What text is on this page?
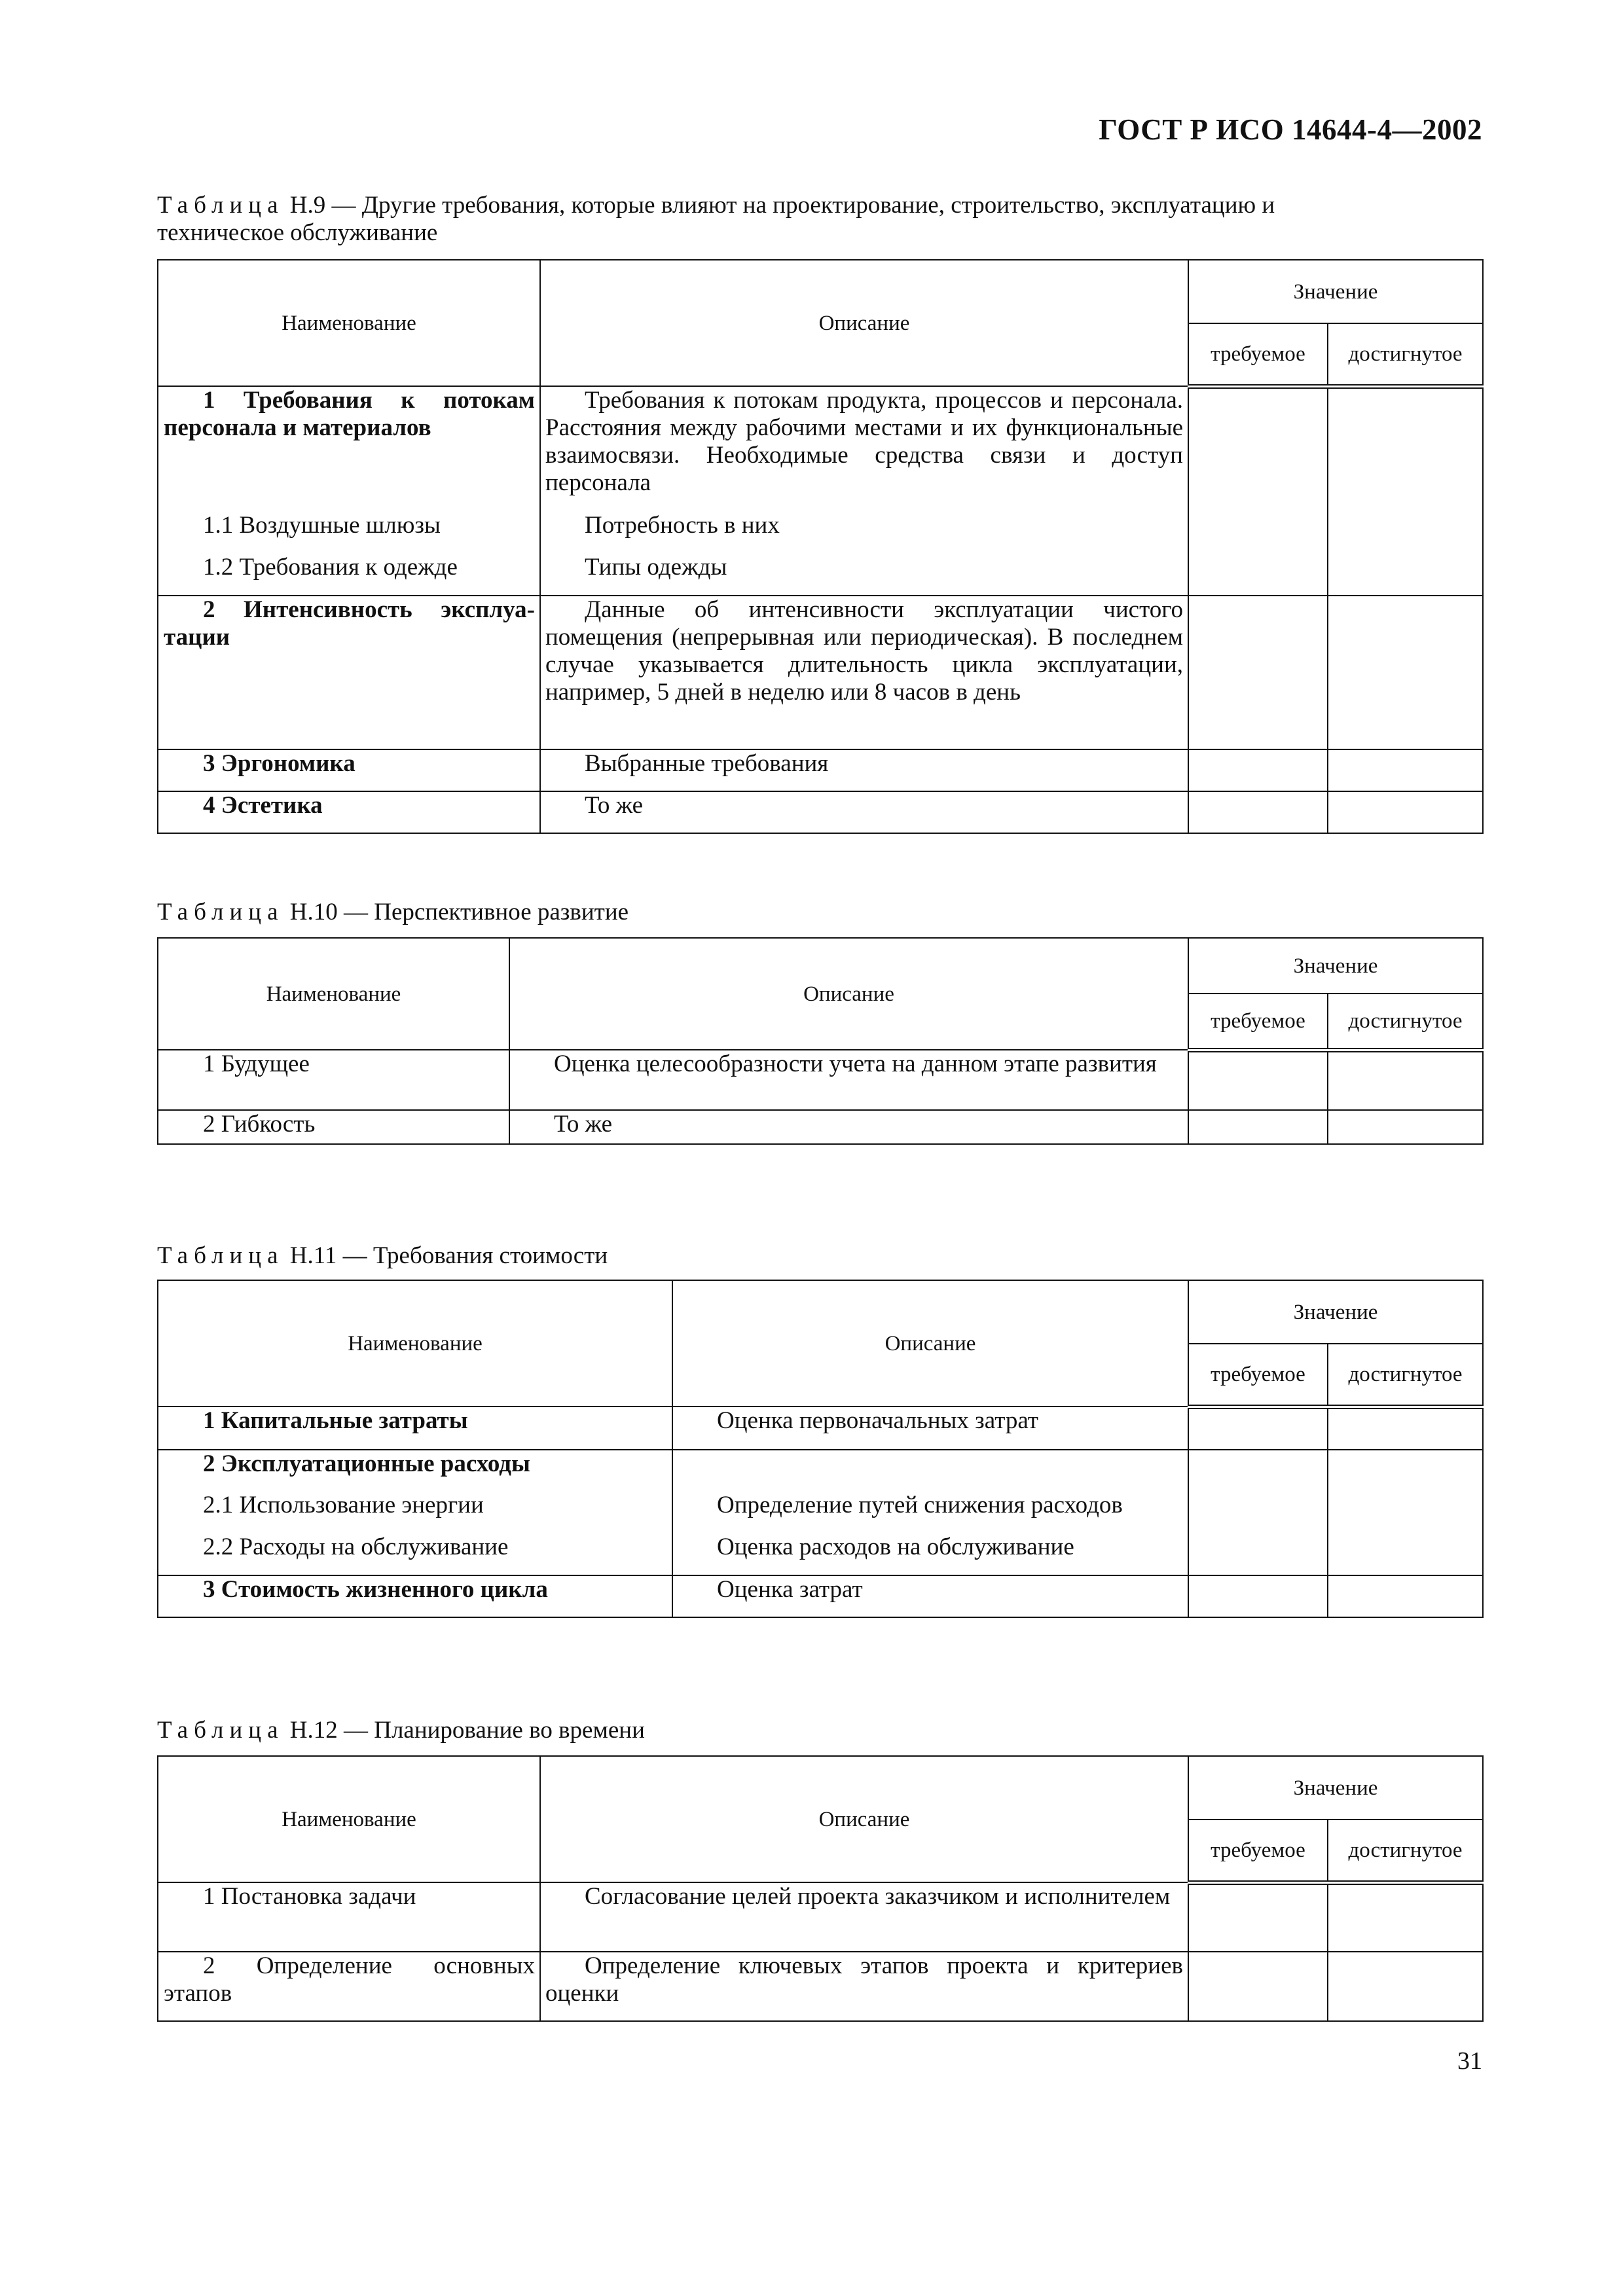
ГОСТ Р ИСО 14644-4—2002
Таблица Н.9 — Другие требования, которые влияют на проектирование, строительство, эксплуатацию и
техническое обслуживание
Наименование	Описание	Значение	
		требуемое	достигнутое

1 Требования к потокам
персонала и материалов	Требования к потокам продукта, процессов и персонала. Расстояния между рабочими местами и их функциональные взаимосвязи. Необходимые средства связи и доступ персонала		
1.1 Воздушные шлюзы	Потребность в них		
1.2 Требования к одежде	Типы одежды		

2 Интенсивность эксплуа-
тации	Данные об интенсивности эксплуатации чистого помещения (непрерывная или периодическая). В последнем случае указывается длительность цикла эксплуатации, например, 5 дней в неделю или 8 часов в день		
3 Эргономика	Выбранные требования		
4 Эстетика	То же		
Таблица Н.10 — Перспективное развитие
Наименование	Описание	Значение	
		требуемое	достигнутое
1 Будущее	Оценка целесообразности учета на данном этапе развития		
2 Гибкость	То же		
Таблица Н.11 — Требования стоимости
Наименование	Описание	Значение	
		требуемое	достигнутое
1 Капитальные затраты	Оценка первоначальных затрат		
2 Эксплуатационные расходы			
2.1 Использование энергии	Определение путей снижения расходов		
2.2 Расходы на обслуживание	Оценка расходов на обслуживание		
3 Стоимость жизненного цикла	Оценка затрат		
Таблица Н.12 — Планирование во времени
Наименование	Описание	Значение	
		требуемое	достигнутое
1 Постановка задачи	Согласование целей проекта заказчиком и исполнителем		

2 Определение основных
этапов	Определение ключевых этапов проекта и критериев оценки		
31
